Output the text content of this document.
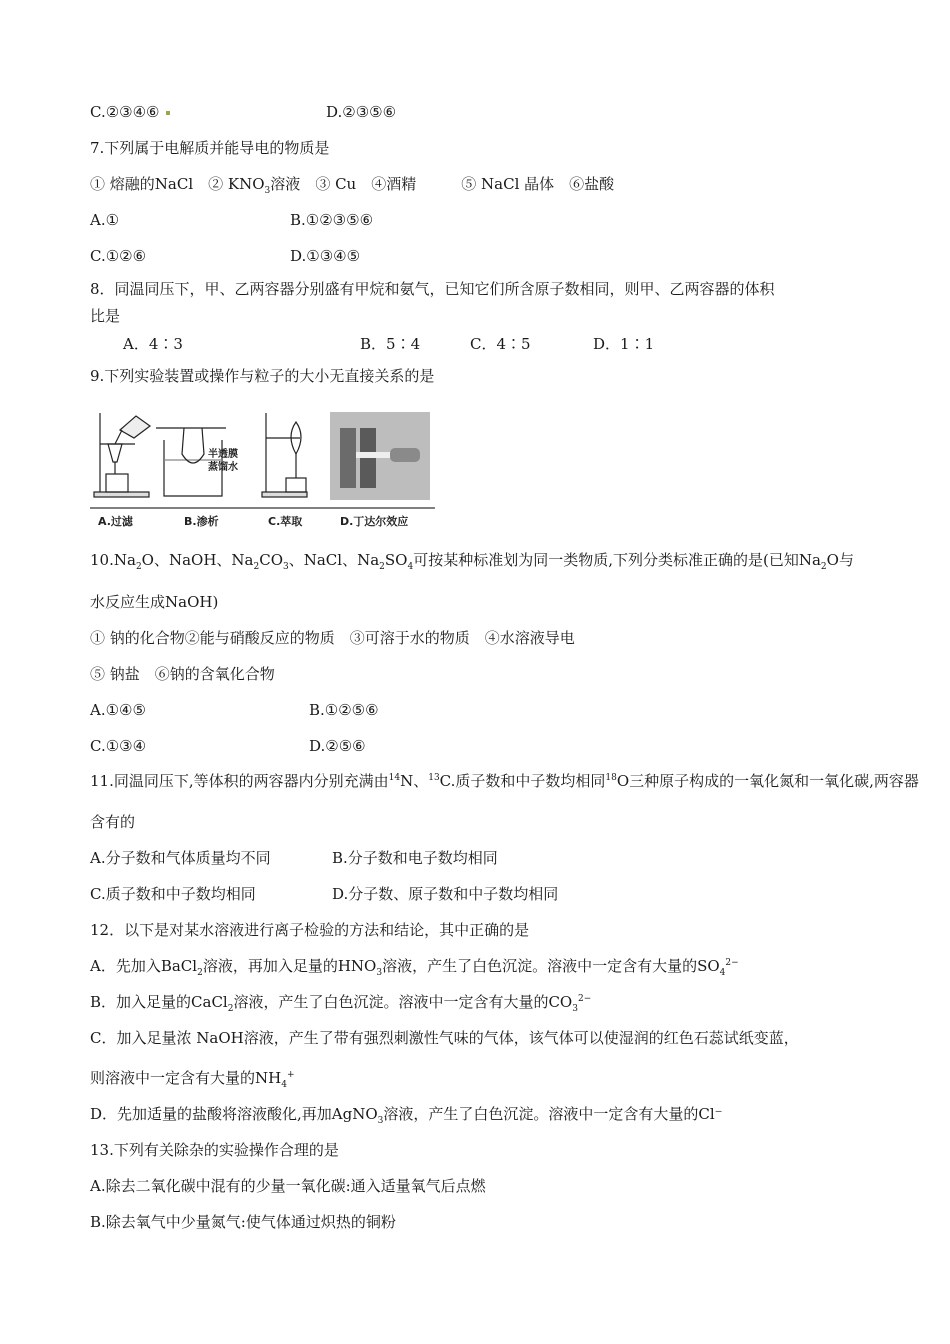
C.②③④⑥	D.②③⑤⑥
7.下列属于电解质并能导电的物质是
① 熔融的NaCl　 ② $KNO_3$溶液　 ③ Cu　 ④酒精　　　	⑤ NaCl 晶体　 ⑥盐酸
A.①	B.①②③⑤⑥
C.①②⑥	D.①③④⑤
8．同温同压下，甲、乙两容器分别盛有甲烷和氨气，已知它们所含原子数相同，则甲、乙两容器的体积
比是
A．4∶3	B．5∶4	C．4∶5	D．1∶1
9.下列实验装置或操作与粒子的大小无直接关系的是
半透膜
蒸馏水
A.过滤	B.渗析	C.萃取	D.丁达尔效应
$10.Na_2O$、NaOH、$Na_2CO_3$、NaCl、$Na_2SO_4$可按某种标准划为同一类物质,下列分类标准正确的是(已知$Na_2O$与
水反应生成NaOH)
① 钠的化合物②能与硝酸反应的物质　③可溶于水的物质　④水溶液导电
⑤ 钠盐　⑥钠的含氧化合物
A.①④⑤	B.①②⑤⑥
C.①③④	D.②⑤⑥
11.同温同压下,等体积的两容器内分别充满由$^{14}$N、$^{13}$C.质子数和中子数均相同$^{18}$O三种原子构成的一氧化氮和一氧化碳,两容器
含有的
A.分子数和气体质量均不同	B.分子数和电子数均相同
C.质子数和中子数均相同	D.分子数、原子数和中子数均相同
12．以下是对某水溶液进行离子检验的方法和结论，其中正确的是
A．先加入BaCl$_2$溶液，再加入足量的$HNO_3$溶液，产生了白色沉淀。溶液中一定含有大量的$SO_4^{2-}$
B．加入足量的CaCl$_2$溶液，产生了白色沉淀。溶液中一定含有大量的$CO_3^{2-}$
C．加入足量浓 NaOH溶液，产生了带有强烈刺激性气味的气体，该气体可以使湿润的红色石蕊试纸变蓝，
则溶液中一定含有大量的$NH_4^+$
D．先加适量的盐酸将溶液酸化,再加AgNO$_3$溶液，产生了白色沉淀。溶液中一定含有大量的Cl⁻
13.下列有关除杂的实验操作合理的是
A.除去二氧化碳中混有的少量一氧化碳:通入适量氧气后点燃
B.除去氧气中少量氮气:使气体通过炽热的铜粉
